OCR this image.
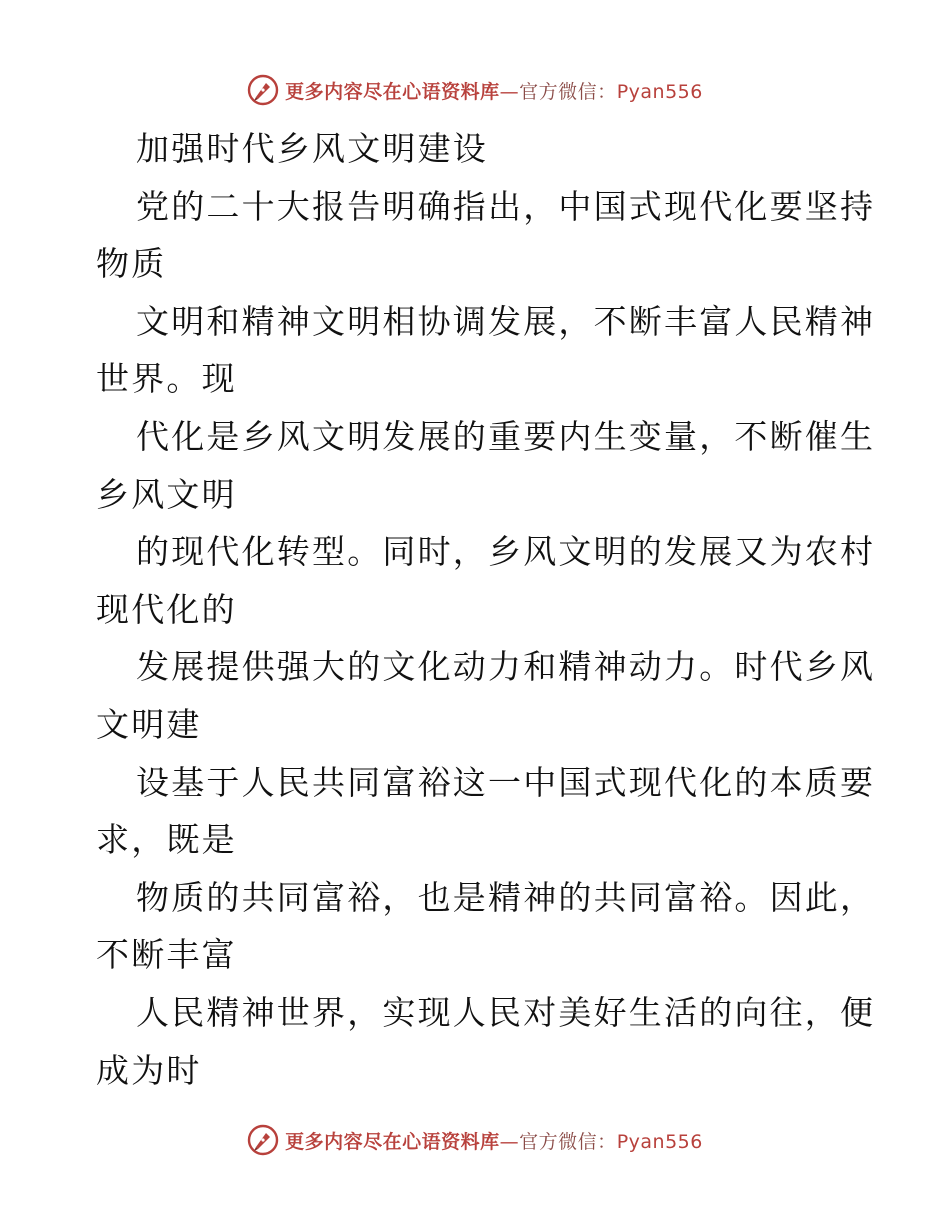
更多内容尽在心语资料库—官方微信：Pyan556
加强时代乡风文明建设
党的二十大报告明确指出，中国式现代化要坚持
物质
文明和精神文明相协调发展，不断丰富人民精神
世界。现
代化是乡风文明发展的重要内生变量，不断催生
乡风文明
的现代化转型。同时，乡风文明的发展又为农村
现代化的
发展提供强大的文化动力和精神动力。时代乡风
文明建
设基于人民共同富裕这一中国式现代化的本质要
求，既是
物质的共同富裕，也是精神的共同富裕。因此，
不断丰富
人民精神世界，实现人民对美好生活的向往，便
成为时
更多内容尽在心语资料库—官方微信：Pyan556
